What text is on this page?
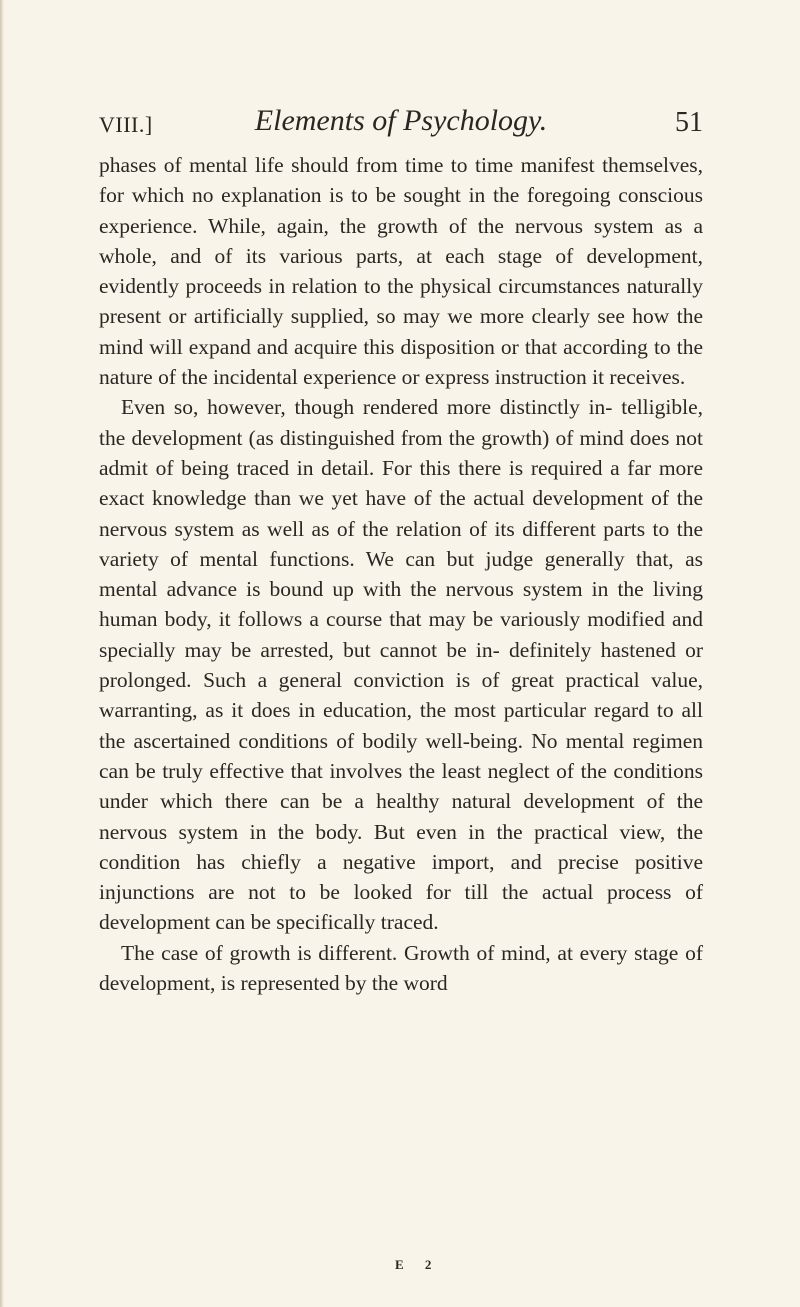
VIII.]	Elements of Psychology.	51

phases of mental life should from time to time manifest themselves, for which no explanation is to be sought in the foregoing conscious experience. While, again, the growth of the nervous system as a whole, and of its various parts, at each stage of development, evidently proceeds in relation to the physical circumstances naturally present or artificially supplied, so may we more clearly see how the mind will expand and acquire this disposition or that according to the nature of the incidental experience or express instruction it receives.

Even so, however, though rendered more distinctly in- telligible, the development (as distinguished from the growth) of mind does not admit of being traced in detail. For this there is required a far more exact knowledge than we yet have of the actual development of the nervous system as well as of the relation of its different parts to the variety of mental functions. We can but judge generally that, as mental advance is bound up with the nervous system in the living human body, it follows a course that may be variously modified and specially may be arrested, but cannot be in- definitely hastened or prolonged. Such a general conviction is of great practical value, warranting, as it does in education, the most particular regard to all the ascertained conditions of bodily well-being. No mental regimen can be truly effective that involves the least neglect of the conditions under which there can be a healthy natural development of the nervous system in the body. But even in the practical view, the condition has chiefly a negative import, and precise positive injunctions are not to be looked for till the actual process of development can be specifically traced.

The case of growth is different. Growth of mind, at every stage of development, is represented by the word

E 2
